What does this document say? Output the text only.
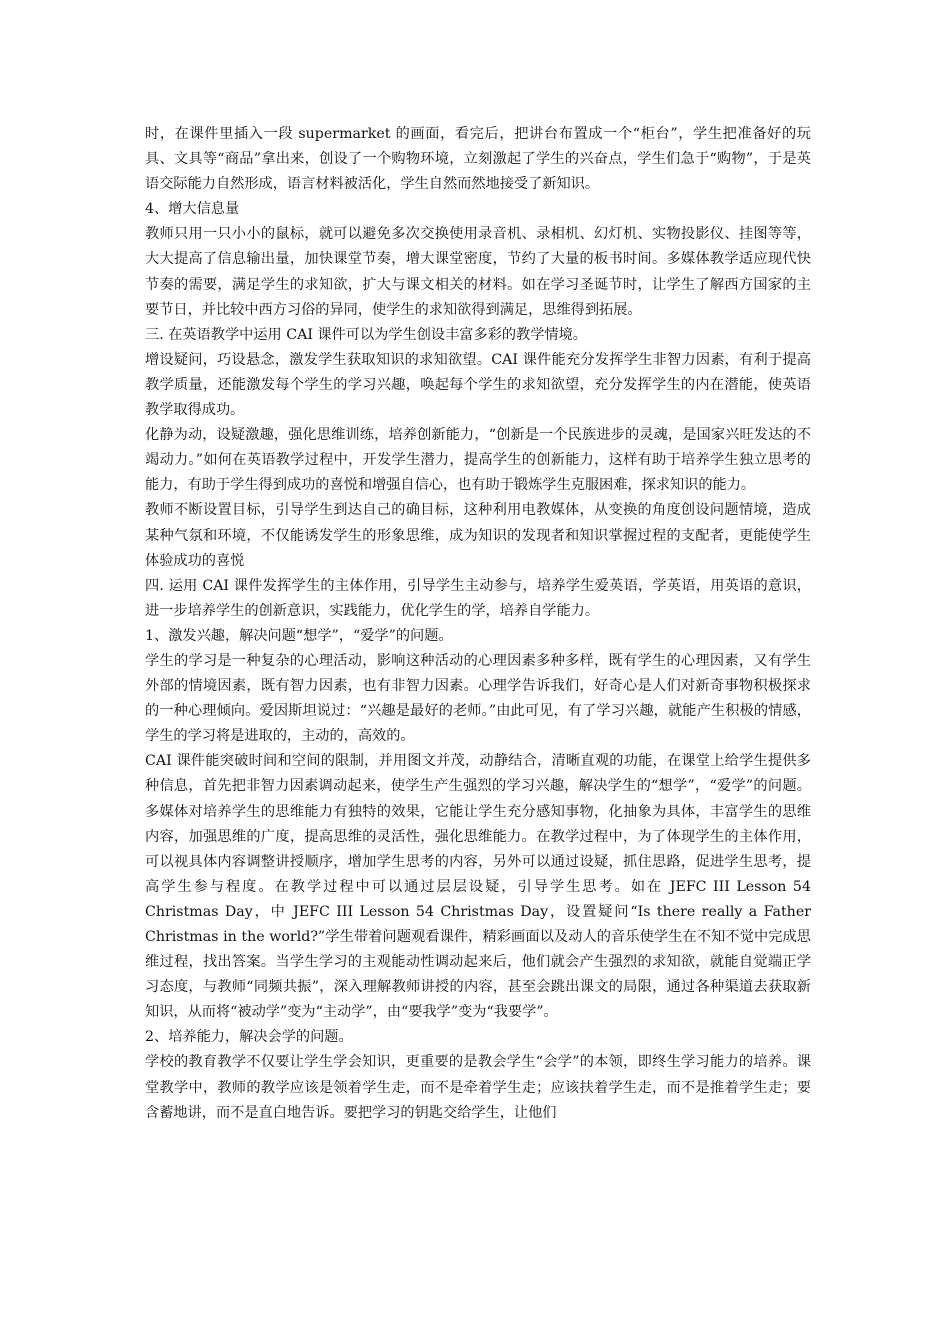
时，在课件里插入一段 supermarket 的画面，看完后，把讲台布置成一个“柜台”，学生把准备好的玩具、文具等“商品”拿出来，创设了一个购物环境，立刻激起了学生的兴奋点，学生们急于“购物”，于是英语交际能力自然形成，语言材料被活化，学生自然而然地接受了新知识。

4、增大信息量

教师只用一只小小的鼠标，就可以避免多次交换使用录音机、录相机、幻灯机、实物投影仪、挂图等等，大大提高了信息输出量，加快课堂节奏，增大课堂密度，节约了大量的板书时间。多媒体教学适应现代快节奏的需要，满足学生的求知欲，扩大与课文相关的材料。如在学习圣诞节时，让学生了解西方国家的主要节日，并比较中西方习俗的异同，使学生的求知欲得到满足，思维得到拓展。

三. 在英语教学中运用 CAI 课件可以为学生创设丰富多彩的教学情境。

增设疑问，巧设悬念，激发学生获取知识的求知欲望。CAI 课件能充分发挥学生非智力因素，有利于提高教学质量，还能激发每个学生的学习兴趣，唤起每个学生的求知欲望，充分发挥学生的内在潜能，使英语教学取得成功。

化静为动，设疑激趣，强化思维训练，培养创新能力，“创新是一个民族进步的灵魂，是国家兴旺发达的不竭动力。”如何在英语教学过程中，开发学生潜力，提高学生的创新能力，这样有助于培养学生独立思考的能力，有助于学生得到成功的喜悦和增强自信心，也有助于锻炼学生克服困难，探求知识的能力。

教师不断设置目标，引导学生到达自己的确目标，这种利用电教媒体，从变换的角度创设问题情境，造成某种气氛和环境，不仅能诱发学生的形象思维，成为知识的发现者和知识掌握过程的支配者，更能使学生体验成功的喜悦

四. 运用 CAI 课件发挥学生的主体作用，引导学生主动参与，培养学生爱英语，学英语，用英语的意识，进一步培养学生的创新意识，实践能力，优化学生的学，培养自学能力。

1、激发兴趣，解决问题“想学”，“爱学”的问题。

学生的学习是一种复杂的心理活动，影响这种活动的心理因素多种多样，既有学生的心理因素，又有学生外部的情境因素，既有智力因素，也有非智力因素。心理学告诉我们，好奇心是人们对新奇事物积极探求的一种心理倾向。爱因斯坦说过：“兴趣是最好的老师。”由此可见，有了学习兴趣，就能产生积极的情感，学生的学习将是进取的，主动的，高效的。

CAI 课件能突破时间和空间的限制，并用图文并茂，动静结合，清晰直观的功能，在课堂上给学生提供多种信息，首先把非智力因素调动起来，使学生产生强烈的学习兴趣，解决学生的“想学”，“爱学”的问题。多媒体对培养学生的思维能力有独特的效果，它能让学生充分感知事物，化抽象为具体，丰富学生的思维内容，加强思维的广度，提高思维的灵活性，强化思维能力。在教学过程中，为了体现学生的主体作用，可以视具体内容调整讲授顺序，增加学生思考的内容，另外可以通过设疑，抓住思路，促进学生思考，提高学生参与程度。在教学过程中可以通过层层设疑，引导学生思考。如在 JEFC III Lesson 54 Christmas Day，中 JEFC III Lesson 54 Christmas Day，设置疑问“Is there really a Father Christmas in the world?”学生带着问题观看课件，精彩画面以及动人的音乐使学生在不知不觉中完成思维过程，找出答案。当学生学习的主观能动性调动起来后，他们就会产生强烈的求知欲，就能自觉端正学习态度，与教师“同频共振”，深入理解教师讲授的内容，甚至会跳出课文的局限，通过各种渠道去获取新知识，从而将“被动学”变为“主动学”，由“要我学”变为“我要学”。

2、培养能力，解决会学的问题。

学校的教育教学不仅要让学生学会知识，更重要的是教会学生“会学”的本领，即终生学习能力的培养。课堂教学中，教师的教学应该是领着学生走，而不是牵着学生走；应该扶着学生走，而不是推着学生走；要含蓄地讲，而不是直白地告诉。要把学习的钥匙交给学生，让他们
